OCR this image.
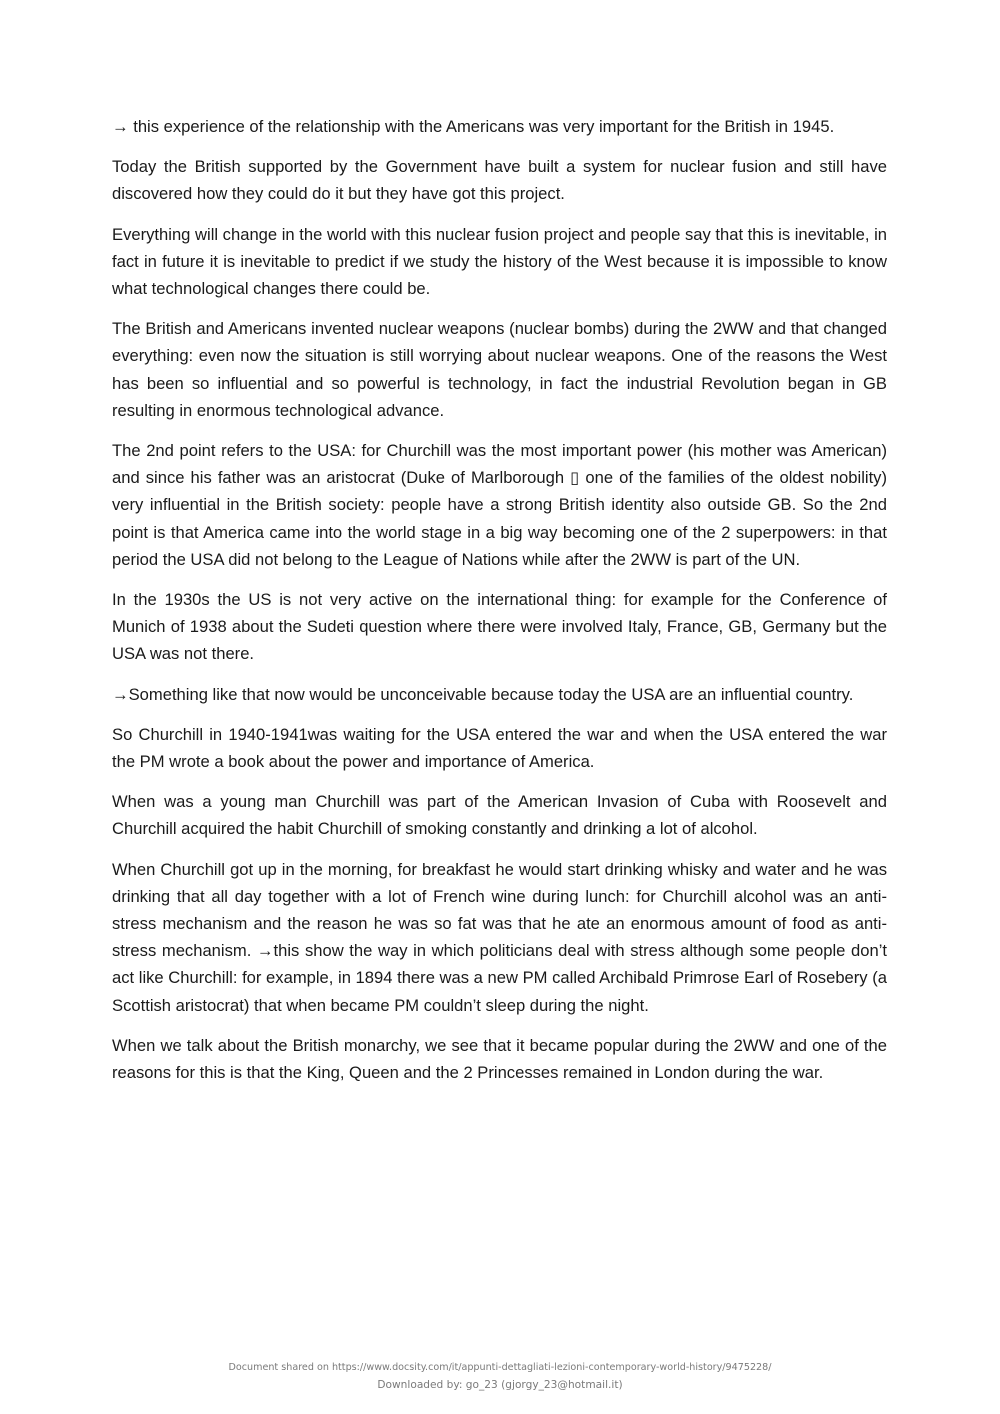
→ this experience of the relationship with the Americans was very important for the British in 1945.

Today the British supported by the Government have built a system for nuclear fusion and still have discovered how they could do it but they have got this project.

Everything will change in the world with this nuclear fusion project and people say that this is inevitable, in fact in future it is inevitable to predict if we study the history of the West because it is impossible to know what technological changes there could be.

The British and Americans invented nuclear weapons (nuclear bombs) during the 2WW and that changed everything: even now the situation is still worrying about nuclear weapons. One of the reasons the West has been so influential and so powerful is technology, in fact the industrial Revolution began in GB resulting in enormous technological advance.

The 2nd point refers to the USA: for Churchill was the most important power (his mother was American) and since his father was an aristocrat (Duke of Marlborough ▯ one of the families of the oldest nobility) very influential in the British society: people have a strong British identity also outside GB. So the 2nd point is that America came into the world stage in a big way becoming one of the 2 superpowers: in that period the USA did not belong to the League of Nations while after the 2WW is part of the UN.

In the 1930s the US is not very active on the international thing: for example for the Conference of Munich of 1938 about the Sudeti question where there were involved Italy, France, GB, Germany but the USA was not there.

→Something like that now would be unconceivable because today the USA are an influential country.

So Churchill in 1940-1941was waiting for the USA entered the war and when the USA entered the war the PM wrote a book about the power and importance of America.

When was a young man Churchill was part of the American Invasion of Cuba with Roosevelt and Churchill acquired the habit Churchill of smoking constantly and drinking a lot of alcohol.

When Churchill got up in the morning, for breakfast he would start drinking whisky and water and he was drinking that all day together with a lot of French wine during lunch: for Churchill alcohol was an anti-stress mechanism and the reason he was so fat was that he ate an enormous amount of food as anti-stress mechanism. →this show the way in which politicians deal with stress although some people don’t act like Churchill: for example, in 1894 there was a new PM called Archibald Primrose Earl of Rosebery (a Scottish aristocrat) that when became PM couldn’t sleep during the night.

When we talk about the British monarchy, we see that it became popular during the 2WW and one of the reasons for this is that the King, Queen and the 2 Princesses remained in London during the war.

Document shared on https://www.docsity.com/it/appunti-dettagliati-lezioni-contemporary-world-history/9475228/
Downloaded by: go_23 (gjorgy_23@hotmail.it)
